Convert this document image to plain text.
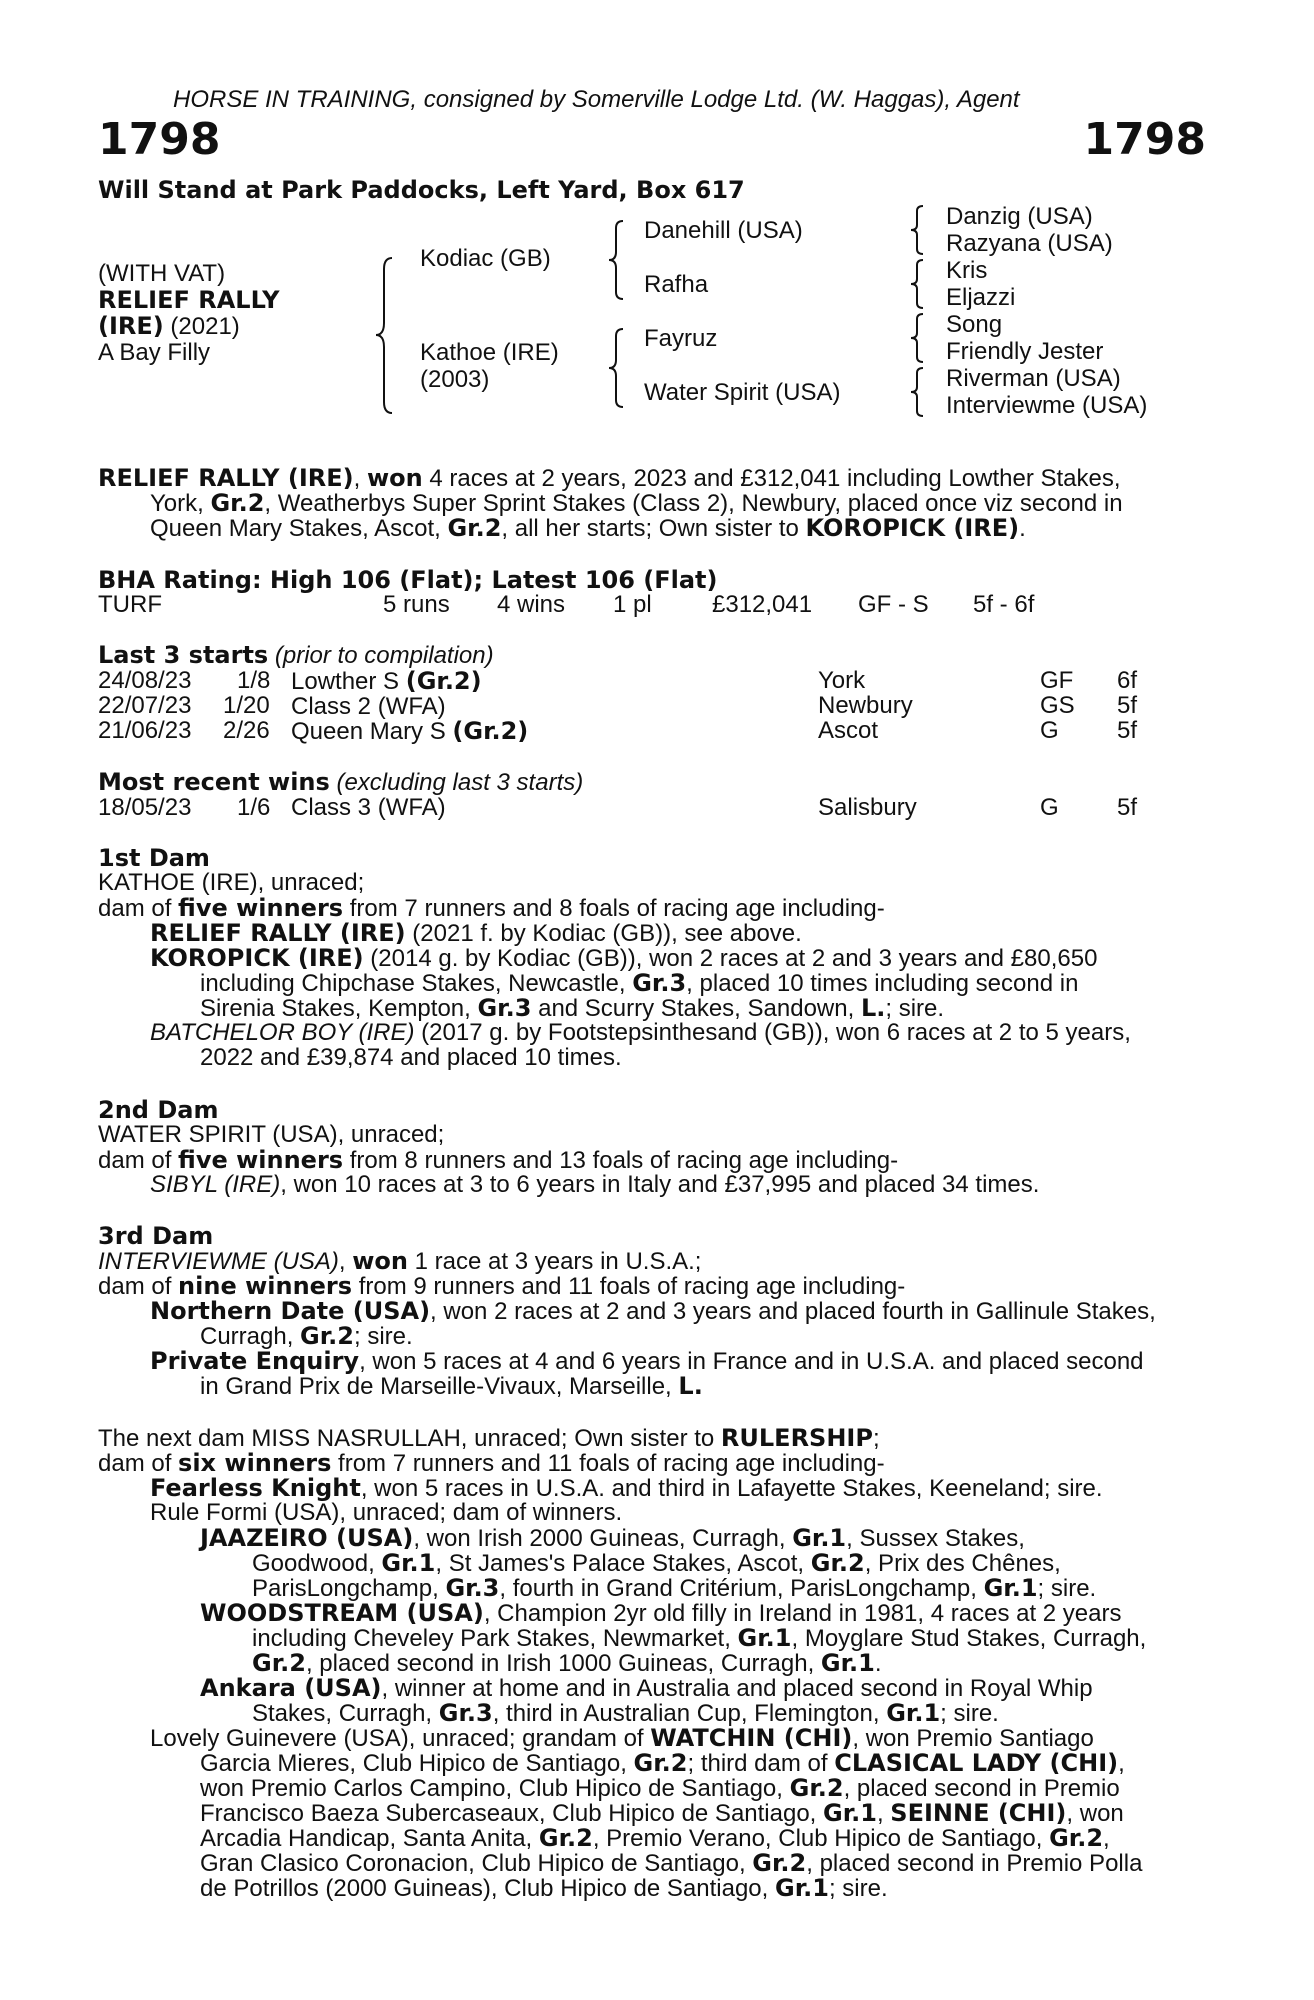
HORSE IN TRAINING, consigned by Somerville Lodge Ltd. (W. Haggas), Agent
1798	1798
Will Stand at Park Paddocks, Left Yard, Box 617
(WITH VAT)
RELIEF RALLY
(IRE) (2021)
A Bay Filly
Kodiac (GB)
Kathoe (IRE)
(2003)
Danehill (USA)
Rafha
Fayruz
Water Spirit (USA)
Danzig (USA)
Razyana (USA)
Kris
Eljazzi
Song
Friendly Jester
Riverman (USA)
Interviewme (USA)
RELIEF RALLY (IRE), won 4 races at 2 years, 2023 and £312,041 including Lowther Stakes,
York, Gr.2, Weatherbys Super Sprint Stakes (Class 2), Newbury, placed once viz second in
Queen Mary Stakes, Ascot, Gr.2, all her starts; Own sister to KOROPICK (IRE).
BHA Rating: High 106 (Flat); Latest 106 (Flat)
TURF	5 runs 4 wins 1 pl	£312,041 GF - S 5f - 6f
Last 3 starts (prior to compilation)
24/08/23 1/8 Lowther S (Gr.2)	York	GF 6f
22/07/23 1/20 Class 2 (WFA)	Newbury	GS 5f
21/06/23 2/26 Queen Mary S (Gr.2)	Ascot	G 5f
Most recent wins (excluding last 3 starts)
18/05/23 1/6 Class 3 (WFA)	Salisbury	G 5f
1st Dam
KATHOE (IRE), unraced;
dam of five winners from 7 runners and 8 foals of racing age including-
RELIEF RALLY (IRE) (2021 f. by Kodiac (GB)), see above.
KOROPICK (IRE) (2014 g. by Kodiac (GB)), won 2 races at 2 and 3 years and £80,650
including Chipchase Stakes, Newcastle, Gr.3, placed 10 times including second in
Sirenia Stakes, Kempton, Gr.3 and Scurry Stakes, Sandown, L.; sire.
BATCHELOR BOY (IRE) (2017 g. by Footstepsinthesand (GB)), won 6 races at 2 to 5 years,
2022 and £39,874 and placed 10 times.
2nd Dam
WATER SPIRIT (USA), unraced;
dam of five winners from 8 runners and 13 foals of racing age including-
SIBYL (IRE), won 10 races at 3 to 6 years in Italy and £37,995 and placed 34 times.
3rd Dam
INTERVIEWME (USA), won 1 race at 3 years in U.S.A.;
dam of nine winners from 9 runners and 11 foals of racing age including-
Northern Date (USA), won 2 races at 2 and 3 years and placed fourth in Gallinule Stakes,
Curragh, Gr.2; sire.
Private Enquiry, won 5 races at 4 and 6 years in France and in U.S.A. and placed second
in Grand Prix de Marseille-Vivaux, Marseille, L.
The next dam MISS NASRULLAH, unraced; Own sister to RULERSHIP;
dam of six winners from 7 runners and 11 foals of racing age including-
Fearless Knight, won 5 races in U.S.A. and third in Lafayette Stakes, Keeneland; sire.
Rule Formi (USA), unraced; dam of winners.
JAAZEIRO (USA), won Irish 2000 Guineas, Curragh, Gr.1, Sussex Stakes,
Goodwood, Gr.1, St James's Palace Stakes, Ascot, Gr.2, Prix des Chênes,
ParisLongchamp, Gr.3, fourth in Grand Critérium, ParisLongchamp, Gr.1; sire.
WOODSTREAM (USA), Champion 2yr old filly in Ireland in 1981, 4 races at 2 years
including Cheveley Park Stakes, Newmarket, Gr.1, Moyglare Stud Stakes, Curragh,
Gr.2, placed second in Irish 1000 Guineas, Curragh, Gr.1.
Ankara (USA), winner at home and in Australia and placed second in Royal Whip
Stakes, Curragh, Gr.3, third in Australian Cup, Flemington, Gr.1; sire.
Lovely Guinevere (USA), unraced; grandam of WATCHIN (CHI), won Premio Santiago
Garcia Mieres, Club Hipico de Santiago, Gr.2; third dam of CLASICAL LADY (CHI),
won Premio Carlos Campino, Club Hipico de Santiago, Gr.2, placed second in Premio
Francisco Baeza Subercaseaux, Club Hipico de Santiago, Gr.1, SEINNE (CHI), won
Arcadia Handicap, Santa Anita, Gr.2, Premio Verano, Club Hipico de Santiago, Gr.2,
Gran Clasico Coronacion, Club Hipico de Santiago, Gr.2, placed second in Premio Polla
de Potrillos (2000 Guineas), Club Hipico de Santiago, Gr.1; sire.
